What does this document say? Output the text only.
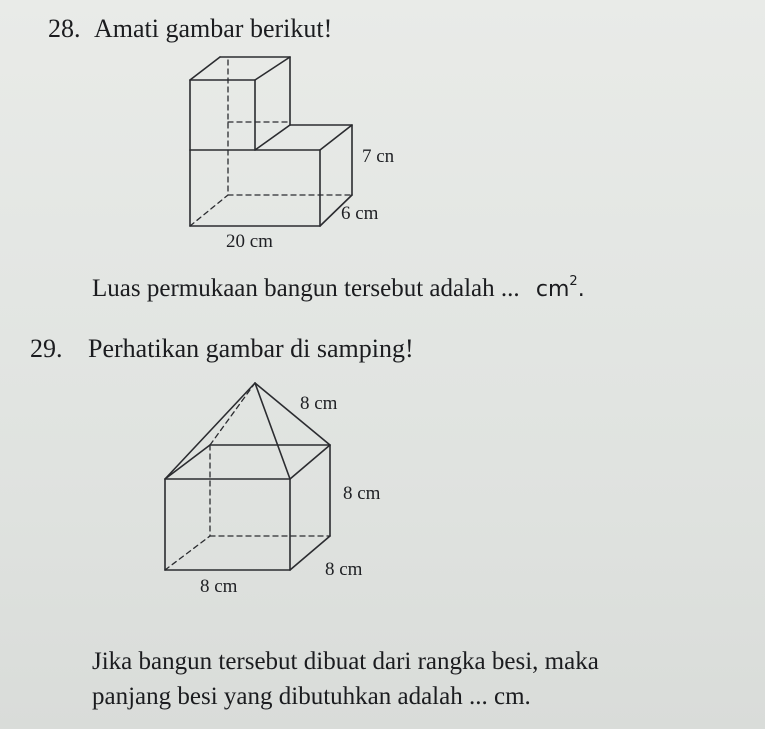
28. Amati gambar berikut!
7 cn
6 cm
20 cm
Luas permukaan bangun tersebut adalah ... $cm^2$.
29. Perhatikan gambar di samping!
8 cm
8 cm
8 cm
8 cm
Jika bangun tersebut dibuat dari rangka besi, maka
panjang besi yang dibutuhkan adalah ... cm.
